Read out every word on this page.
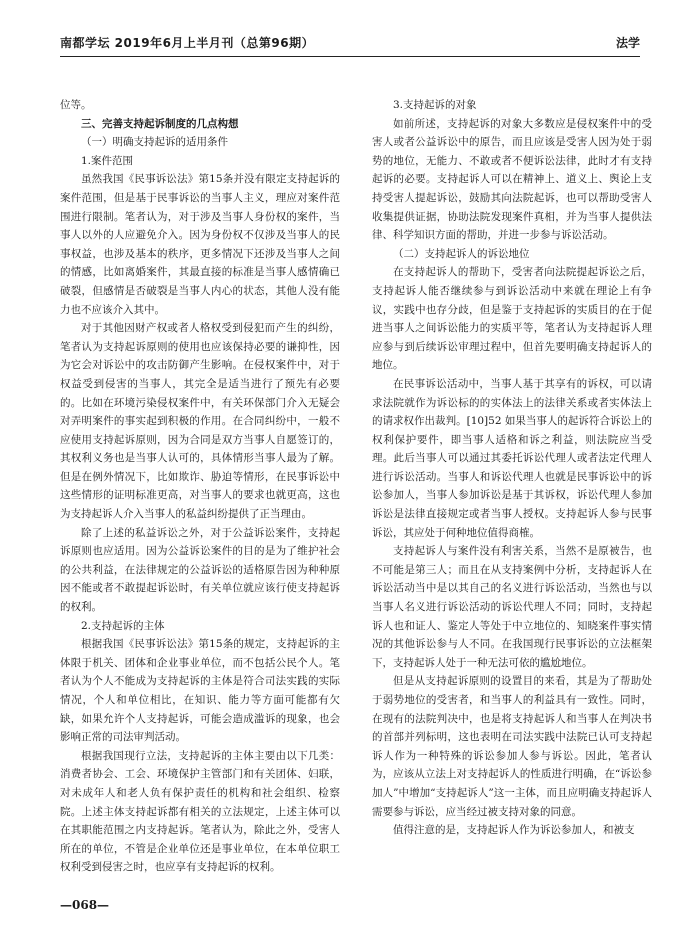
南都学坛 2019年6月上半月刊（总第96期）	法学

位等。

三、完善支持起诉制度的几点构想
（一）明确支持起诉的适用条件
1.案件范围

虽然我国《民事诉讼法》第15条并没有限定支持起诉的案件范围，但是基于民事诉讼的当事人主义，理应对案件范围进行限制。笔者认为，对于涉及当事人身份权的案件，当事人以外的人应避免介入。因为身份权不仅涉及当事人的民事权益，也涉及基本的秩序，更多情况下还涉及当事人之间的情感，比如离婚案件，其最直接的标准是当事人感情确已破裂，但感情是否破裂是当事人内心的状态，其他人没有能力也不应该介入其中。

对于其他因财产权或者人格权受到侵犯而产生的纠纷，笔者认为支持起诉原则的使用也应该保持必要的谦抑性，因为它会对诉讼中的攻击防御产生影响。在侵权案件中，对于权益受到侵害的当事人，其完全是适当进行了预先有必要的。比如在环境污染侵权案件中，有关环保部门介入无疑会对弄明案件的事实起到积极的作用。在合同纠纷中，一般不应使用支持起诉原则，因为合同是双方当事人自愿签订的，其权利义务也是当事人认可的，具体情形当事人最为了解。但是在例外情况下，比如欺诈、胁迫等情形，在民事诉讼中这些情形的证明标准更高，对当事人的要求也就更高，这也为支持起诉人介入当事人的私益纠纷提供了正当理由。

除了上述的私益诉讼之外，对于公益诉讼案件，支持起诉原则也应适用。因为公益诉讼案件的目的是为了维护社会的公共利益，在法律规定的公益诉讼的适格原告因为种种原因不能或者不敢提起诉讼时，有关单位就应该行使支持起诉的权利。

2.支持起诉的主体

根据我国《民事诉讼法》第15条的规定，支持起诉的主体限于机关、团体和企业事业单位，而不包括公民个人。笔者认为个人不能成为支持起诉的主体是符合司法实践的实际情况，个人和单位相比，在知识、能力等方面可能都有欠缺，如果允许个人支持起诉，可能会造成滥诉的现象，也会影响正常的司法审判活动。

根据我国现行立法，支持起诉的主体主要由以下几类：消费者协会、工会、环境保护主管部门和有关团体、妇联，对未成年人和老人负有保护责任的机构和社会组织、检察院。上述主体支持起诉都有相关的立法规定，上述主体可以在其职能范围之内支持起诉。笔者认为，除此之外，受害人所在的单位，不管是企业单位还是事业单位，在本单位职工权利受到侵害之时，也应享有支持起诉的权利。

3.支持起诉的对象

如前所述，支持起诉的对象大多数应是侵权案件中的受害人或者公益诉讼中的原告，而且应该是受害人因为处于弱势的地位，无能力、不敢或者不便诉讼法律，此时才有支持起诉的必要。支持起诉人可以在精神上、道义上、舆论上支持受害人提起诉讼，鼓励其向法院起诉，也可以帮助受害人收集提供证据，协助法院发现案件真相，并为当事人提供法律、科学知识方面的帮助，并进一步参与诉讼活动。

（二）支持起诉人的诉讼地位

在支持起诉人的帮助下，受害者向法院提起诉讼之后，支持起诉人能否继续参与到诉讼活动中来就在理论上有争议，实践中也存分歧，但是鉴于支持起诉的实质目的在于促进当事人之间诉讼能力的实质平等，笔者认为支持起诉人理应参与到后续诉讼审理过程中，但首先要明确支持起诉人的地位。

在民事诉讼活动中，当事人基于其享有的诉权，可以请求法院就作为诉讼标的的实体法上的法律关系或者实体法上的请求权作出裁判。[10]52 如果当事人的起诉符合诉讼上的权利保护要件，即当事人适格和诉之利益，则法院应当受理。此后当事人可以通过其委托诉讼代理人或者法定代理人进行诉讼活动。当事人和诉讼代理人也就是民事诉讼中的诉讼参加人，当事人参加诉讼是基于其诉权，诉讼代理人参加诉讼是法律直接规定或者当事人授权。支持起诉人参与民事诉讼，其应处于何种地位值得商榷。

支持起诉人与案件没有利害关系，当然不是原被告，也不可能是第三人；而且在从支持案例中分析，支持起诉人在诉讼活动当中是以其自己的名义进行诉讼活动，当然也与以当事人名义进行诉讼活动的诉讼代理人不同；同时，支持起诉人也和证人、鉴定人等处于中立地位的、知晓案件事实情况的其他诉讼参与人不同。在我国现行民事诉讼的立法框架下，支持起诉人处于一种无法可依的尴尬地位。

但是从支持起诉原则的设置目的来看，其是为了帮助处于弱势地位的受害者，和当事人的利益具有一致性。同时，在现有的法院判决中，也是将支持起诉人和当事人在判决书的首部并列标明，这也表明在司法实践中法院已认可支持起诉人作为一种特殊的诉讼参加人参与诉讼。因此，笔者认为，应该从立法上对支持起诉人的性质进行明确，在“诉讼参加人”中增加“支持起诉人”这一主体，而且应明确支持起诉人需要参与诉讼，应当经过被支持对象的同意。

值得注意的是，支持起诉人作为诉讼参加人，和被支

—068—
